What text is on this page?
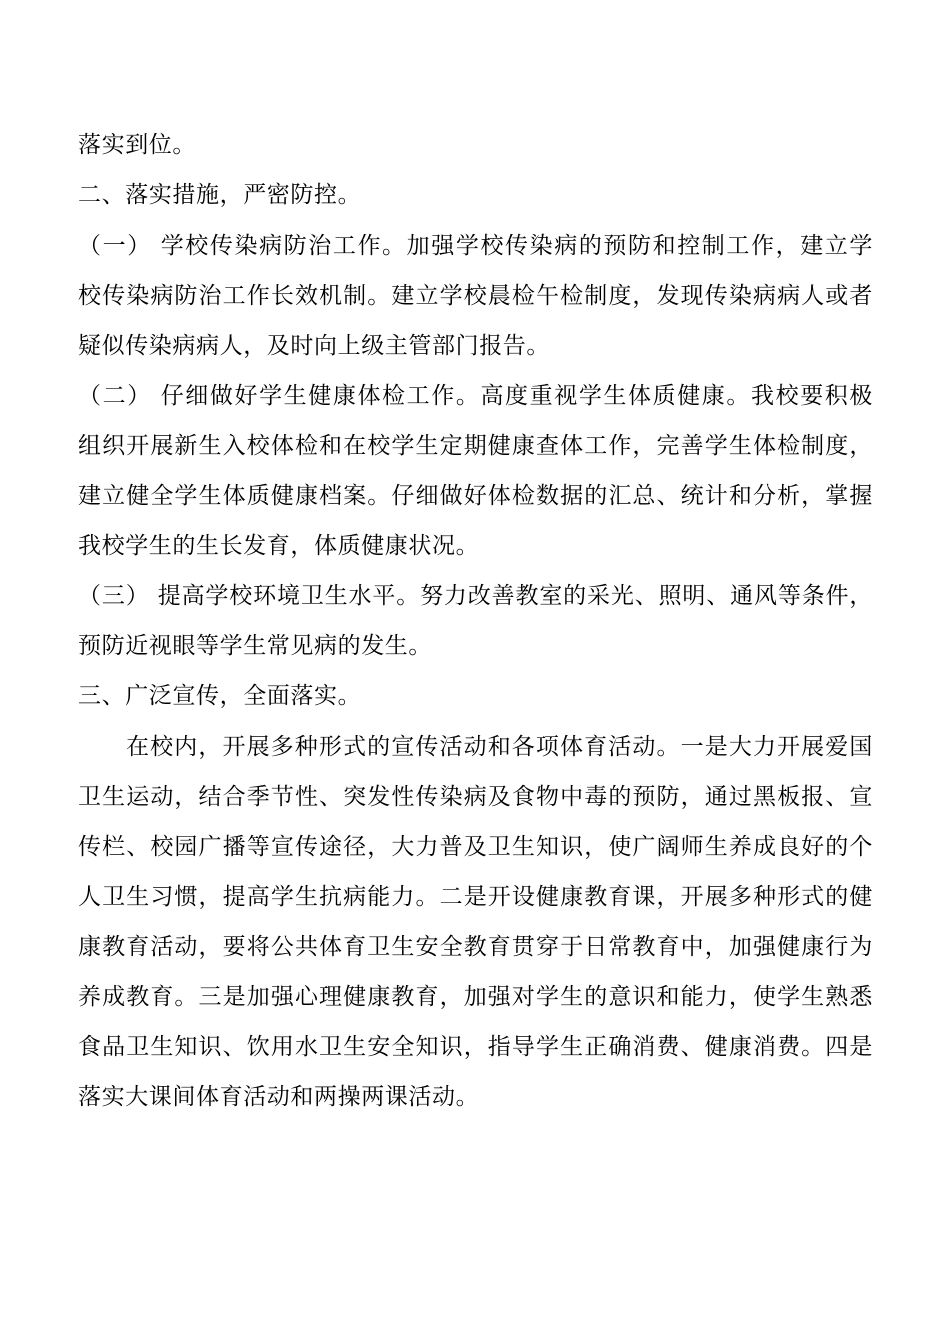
落实到位。
二、落实措施，严密防控。
（一） 学校传染病防治工作。加强学校传染病的预防和控制工作，建立学
校传染病防治工作长效机制。建立学校晨检午检制度，发现传染病病人或者
疑似传染病病人，及时向上级主管部门报告。
（二） 仔细做好学生健康体检工作。高度重视学生体质健康。我校要积极
组织开展新生入校体检和在校学生定期健康查体工作，完善学生体检制度，
建立健全学生体质健康档案。仔细做好体检数据的汇总、统计和分析，掌握
我校学生的生长发育，体质健康状况。
（三） 提高学校环境卫生水平。努力改善教室的采光、照明、通风等条件，
预防近视眼等学生常见病的发生。
三、广泛宣传，全面落实。
在校内，开展多种形式的宣传活动和各项体育活动。一是大力开展爱国
卫生运动，结合季节性、突发性传染病及食物中毒的预防，通过黑板报、宣
传栏、校园广播等宣传途径，大力普及卫生知识，使广阔师生养成良好的个
人卫生习惯，提高学生抗病能力。二是开设健康教育课，开展多种形式的健
康教育活动，要将公共体育卫生安全教育贯穿于日常教育中，加强健康行为
养成教育。三是加强心理健康教育，加强对学生的意识和能力，使学生熟悉
食品卫生知识、饮用水卫生安全知识，指导学生正确消费、健康消费。四是
落实大课间体育活动和两操两课活动。
